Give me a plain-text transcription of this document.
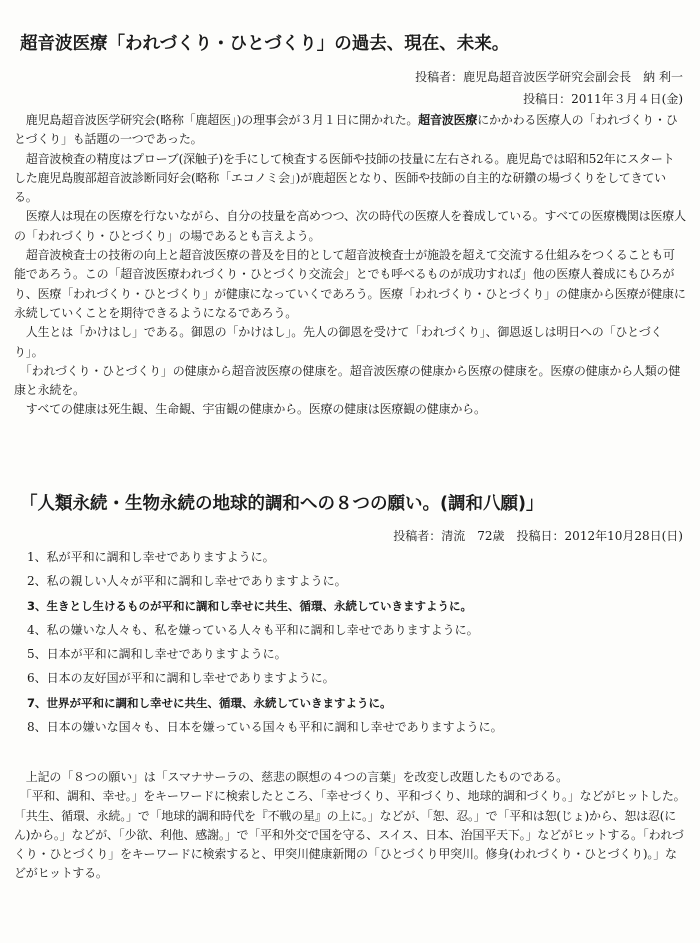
超音波医療「われづくり・ひとづくり」の過去、現在、未来。

投稿者：鹿児島超音波医学研究会副会長　納 利一

投稿日：2011年３月４日(金)

　鹿児島超音波医学研究会(略称「鹿超医」)の理事会が３月１日に開かれた。超音波医療にかかわる医療人の「われづくり・ひとづくり」も話題の一つであった。

　超音波検査の精度はプローブ(深触子)を手にして検査する医師や技師の技量に左右される。鹿児島では昭和52年にスタートした鹿児島腹部超音波診断同好会(略称「エコノミ会」)が鹿超医となり、医師や技師の自主的な研鑽の場づくりをしてきている。

　医療人は現在の医療を行ないながら、自分の技量を高めつつ、次の時代の医療人を養成している。すべての医療機関は医療人の「われづくり・ひとづくり」の場であるとも言えよう。

　超音波検査士の技術の向上と超音波医療の普及を目的として超音波検査士が施設を超えて交流する仕組みをつくることも可能であろう。この「超音波医療われづくり・ひとづくり交流会」とでも呼べるものが成功すれば」他の医療人養成にもひろがり、医療「われづくり・ひとづくり」が健康になっていくであろう。医療「われづくり・ひとづくり」の健康から医療が健康に永続していくことを期待できるようになるであろう。

　人生とは「かけはし」である。御恩の「かけはし」。先人の御恩を受けて「われづくり」、御恩返しは明日への「ひとづくり」。

　「われづくり・ひとづくり」の健康から超音波医療の健康を。超音波医療の健康から医療の健康を。医療の健康から人類の健康と永続を。

　すべての健康は死生観、生命観、宇宙観の健康から。医療の健康は医療観の健康から。

「人類永続・生物永続の地球的調和への８つの願い。(調和八願)」

投稿者：清流　72歳　投稿日：2012年10月28日(日)

1、私が平和に調和し幸せでありますように。
2、私の親しい人々が平和に調和し幸せでありますように。
3、生きとし生けるものが平和に調和し幸せに共生、循環、永続していきますように。
4、私の嫌いな人々も、私を嫌っている人々も平和に調和し幸せでありますように。
5、日本が平和に調和し幸せでありますように。
6、日本の友好国が平和に調和し幸せでありますように。
7、世界が平和に調和し幸せに共生、循環、永続していきますように。
8、日本の嫌いな国々も、日本を嫌っている国々も平和に調和し幸せでありますように。

　上記の「８つの願い」は「スマナサーラの、慈悲の瞑想の４つの言葉」を改変し改題したものである。

　「平和、調和、幸せ。」をキーワードに検索したところ、「幸せづくり、平和づくり、地球的調和づくり。」などがヒットした。「共生、循環、永続。」で「地球的調和時代を『不戦の星』の上に。」などが、「恕、忍。」で「平和は恕(じょ)から、恕は忍(にん)から。」などが、「少欲、利他、感謝。」で「平和外交で国を守る、スイス、日本、治国平天下。」などがヒットする。「われづくり・ひとづくり」をキーワードに検索すると、甲突川健康新聞の「ひとづくり甲突川。修身(われづくり・ひとづくり)。」などがヒットする。
